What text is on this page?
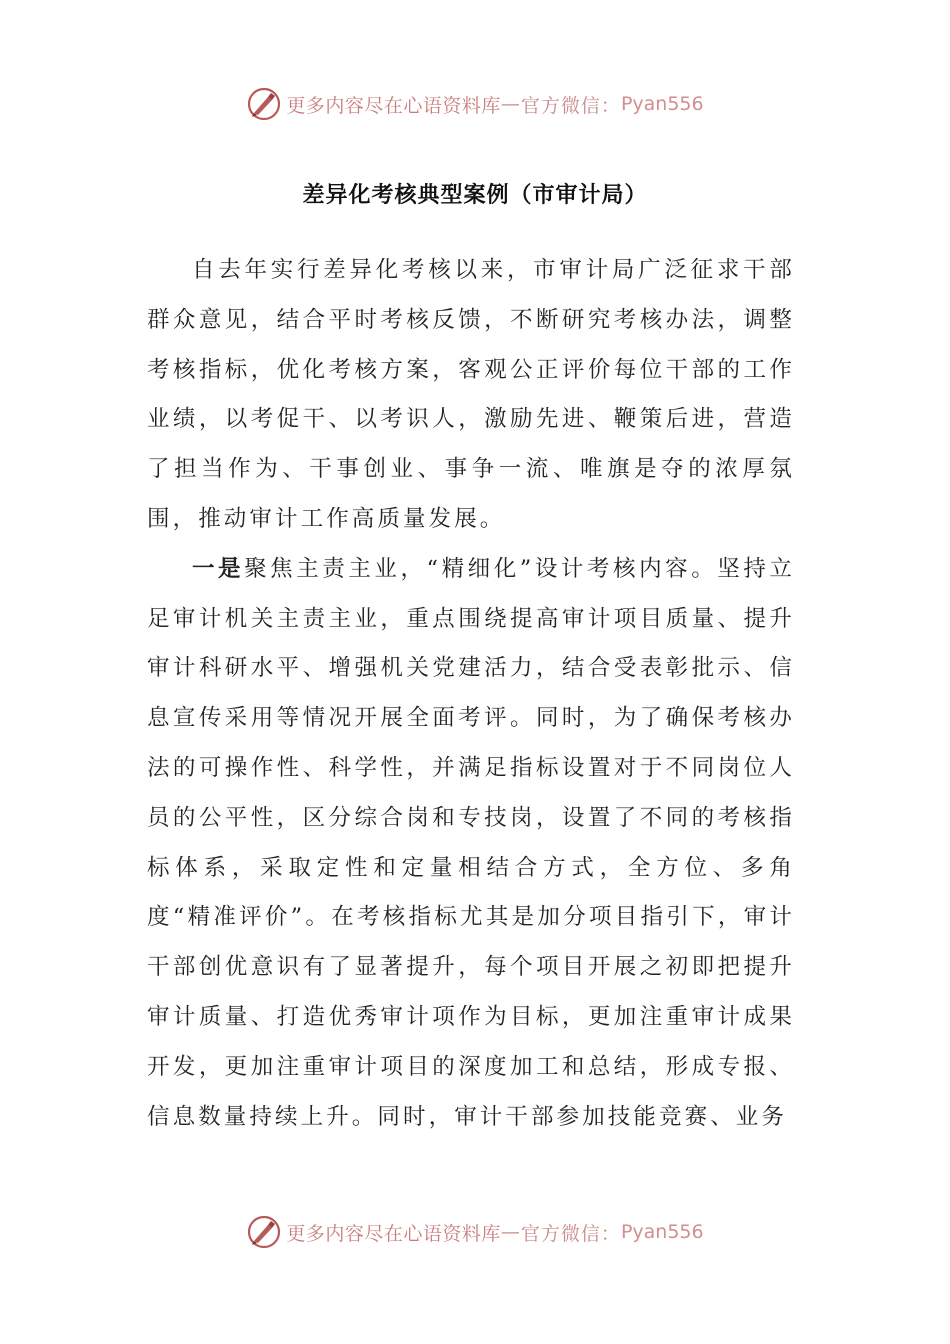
更多内容尽在心语资料库 — 官方微信： Pyan556
差异化考核典型案例（市审计局）

自去年实行差异化考核以来，市审计局广泛征求干部群众意见，结合平时考核反馈，不断研究考核办法，调整考核指标，优化考核方案，客观公正评价每位干部的工作业绩，以考促干、以考识人，激励先进、鞭策后进，营造了担当作为、干事创业、事争一流、唯旗是夺的浓厚氛围，推动审计工作高质量发展。

一是聚焦主责主业，“精细化”设计考核内容。坚持立足审计机关主责主业，重点围绕提高审计项目质量、提升审计科研水平、增强机关党建活力，结合受表彰批示、信息宣传采用等情况开展全面考评。同时，为了确保考核办法的可操作性、科学性，并满足指标设置对于不同岗位人员的公平性，区分综合岗和专技岗，设置了不同的考核指标体系，采取定性和定量相结合方式，全方位、多角度“精准评价”。在考核指标尤其是加分项目指引下，审计干部创优意识有了显著提升，每个项目开展之初即把提升审计质量、打造优秀审计项作为目标，更加注重审计成果开发，更加注重审计项目的深度加工和总结，形成专报、信息数量持续上升。同时，审计干部参加技能竞赛、业务

更多内容尽在心语资料库 — 官方微信： Pyan556
